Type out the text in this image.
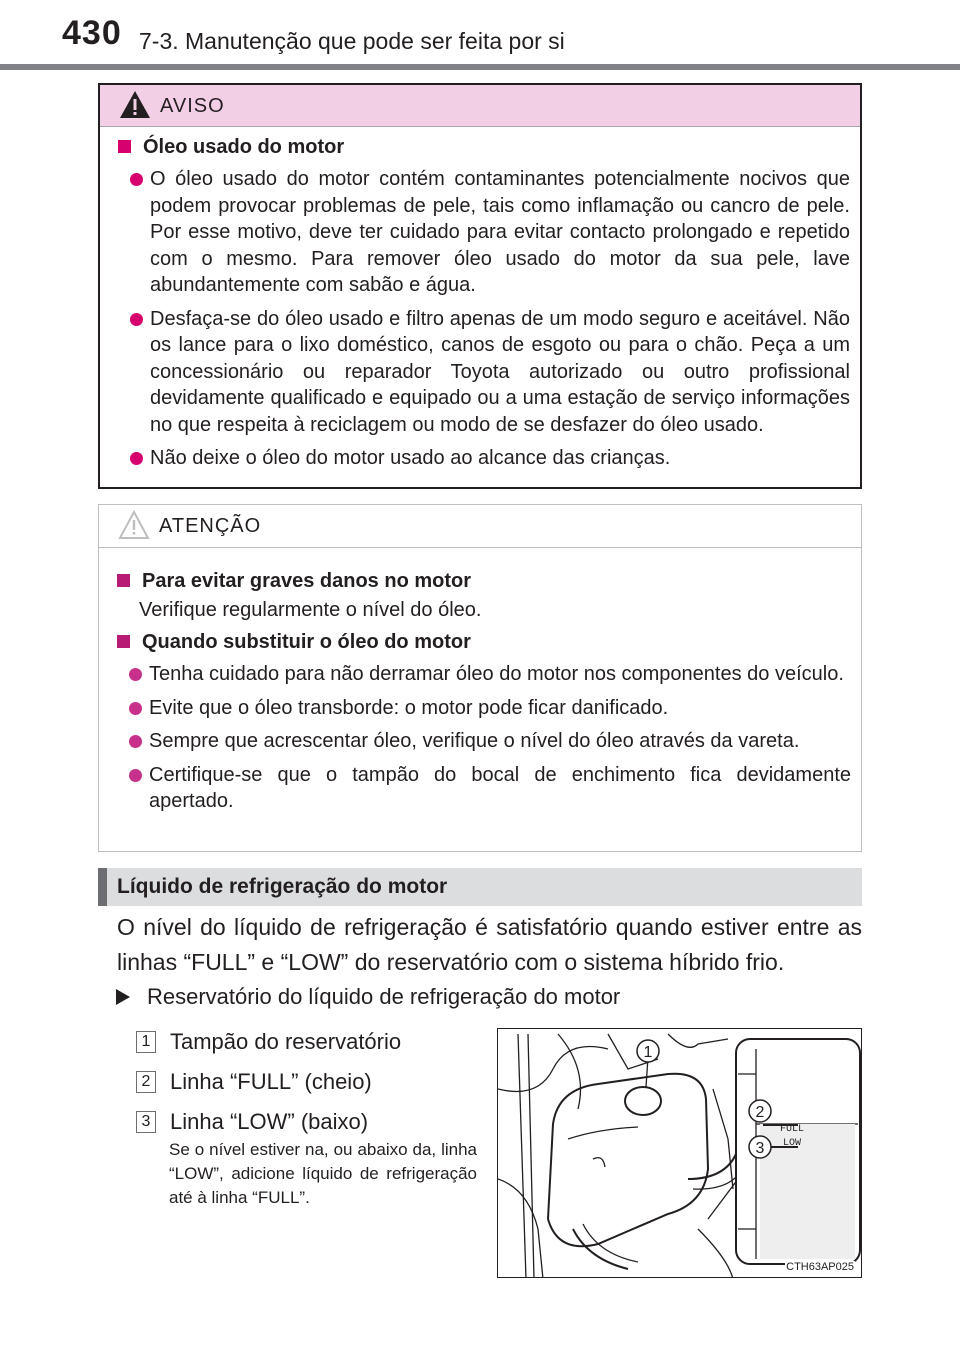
430 7-3. Manutenção que pode ser feita por si
AVISO
Óleo usado do motor
O óleo usado do motor contém contaminantes potencialmente nocivos que podem provocar problemas de pele, tais como inflamação ou cancro de pele. Por esse motivo, deve ter cuidado para evitar contacto prolongado e repetido com o mesmo. Para remover óleo usado do motor da sua pele, lave abundantemente com sabão e água.
Desfaça-se do óleo usado e filtro apenas de um modo seguro e aceitável. Não os lance para o lixo doméstico, canos de esgoto ou para o chão. Peça a um concessionário ou reparador Toyota autorizado ou outro profissional devidamente qualificado e equipado ou a uma estação de serviço informações no que respeita à reciclagem ou modo de se desfazer do óleo usado.
Não deixe o óleo do motor usado ao alcance das crianças.
ATENÇÃO
Para evitar graves danos no motor
Verifique regularmente o nível do óleo.
Quando substituir o óleo do motor
Tenha cuidado para não derramar óleo do motor nos componentes do veículo.
Evite que o óleo transborde: o motor pode ficar danificado.
Sempre que acrescentar óleo, verifique o nível do óleo através da vareta.
Certifique-se que o tampão do bocal de enchimento fica devidamente apertado.
Líquido de refrigeração do motor
O nível do líquido de refrigeração é satisfatório quando estiver entre as linhas “FULL” e “LOW” do reservatório com o sistema híbrido frio.
Reservatório do líquido de refrigeração do motor
1 Tampão do reservatório
2 Linha “FULL” (cheio)
3 Linha “LOW” (baixo)
Se o nível estiver na, ou abaixo da, linha “LOW”, adicione líquido de refrigeração até à linha “FULL”.
1
2
3
FULL
LOW
CTH63AP025
